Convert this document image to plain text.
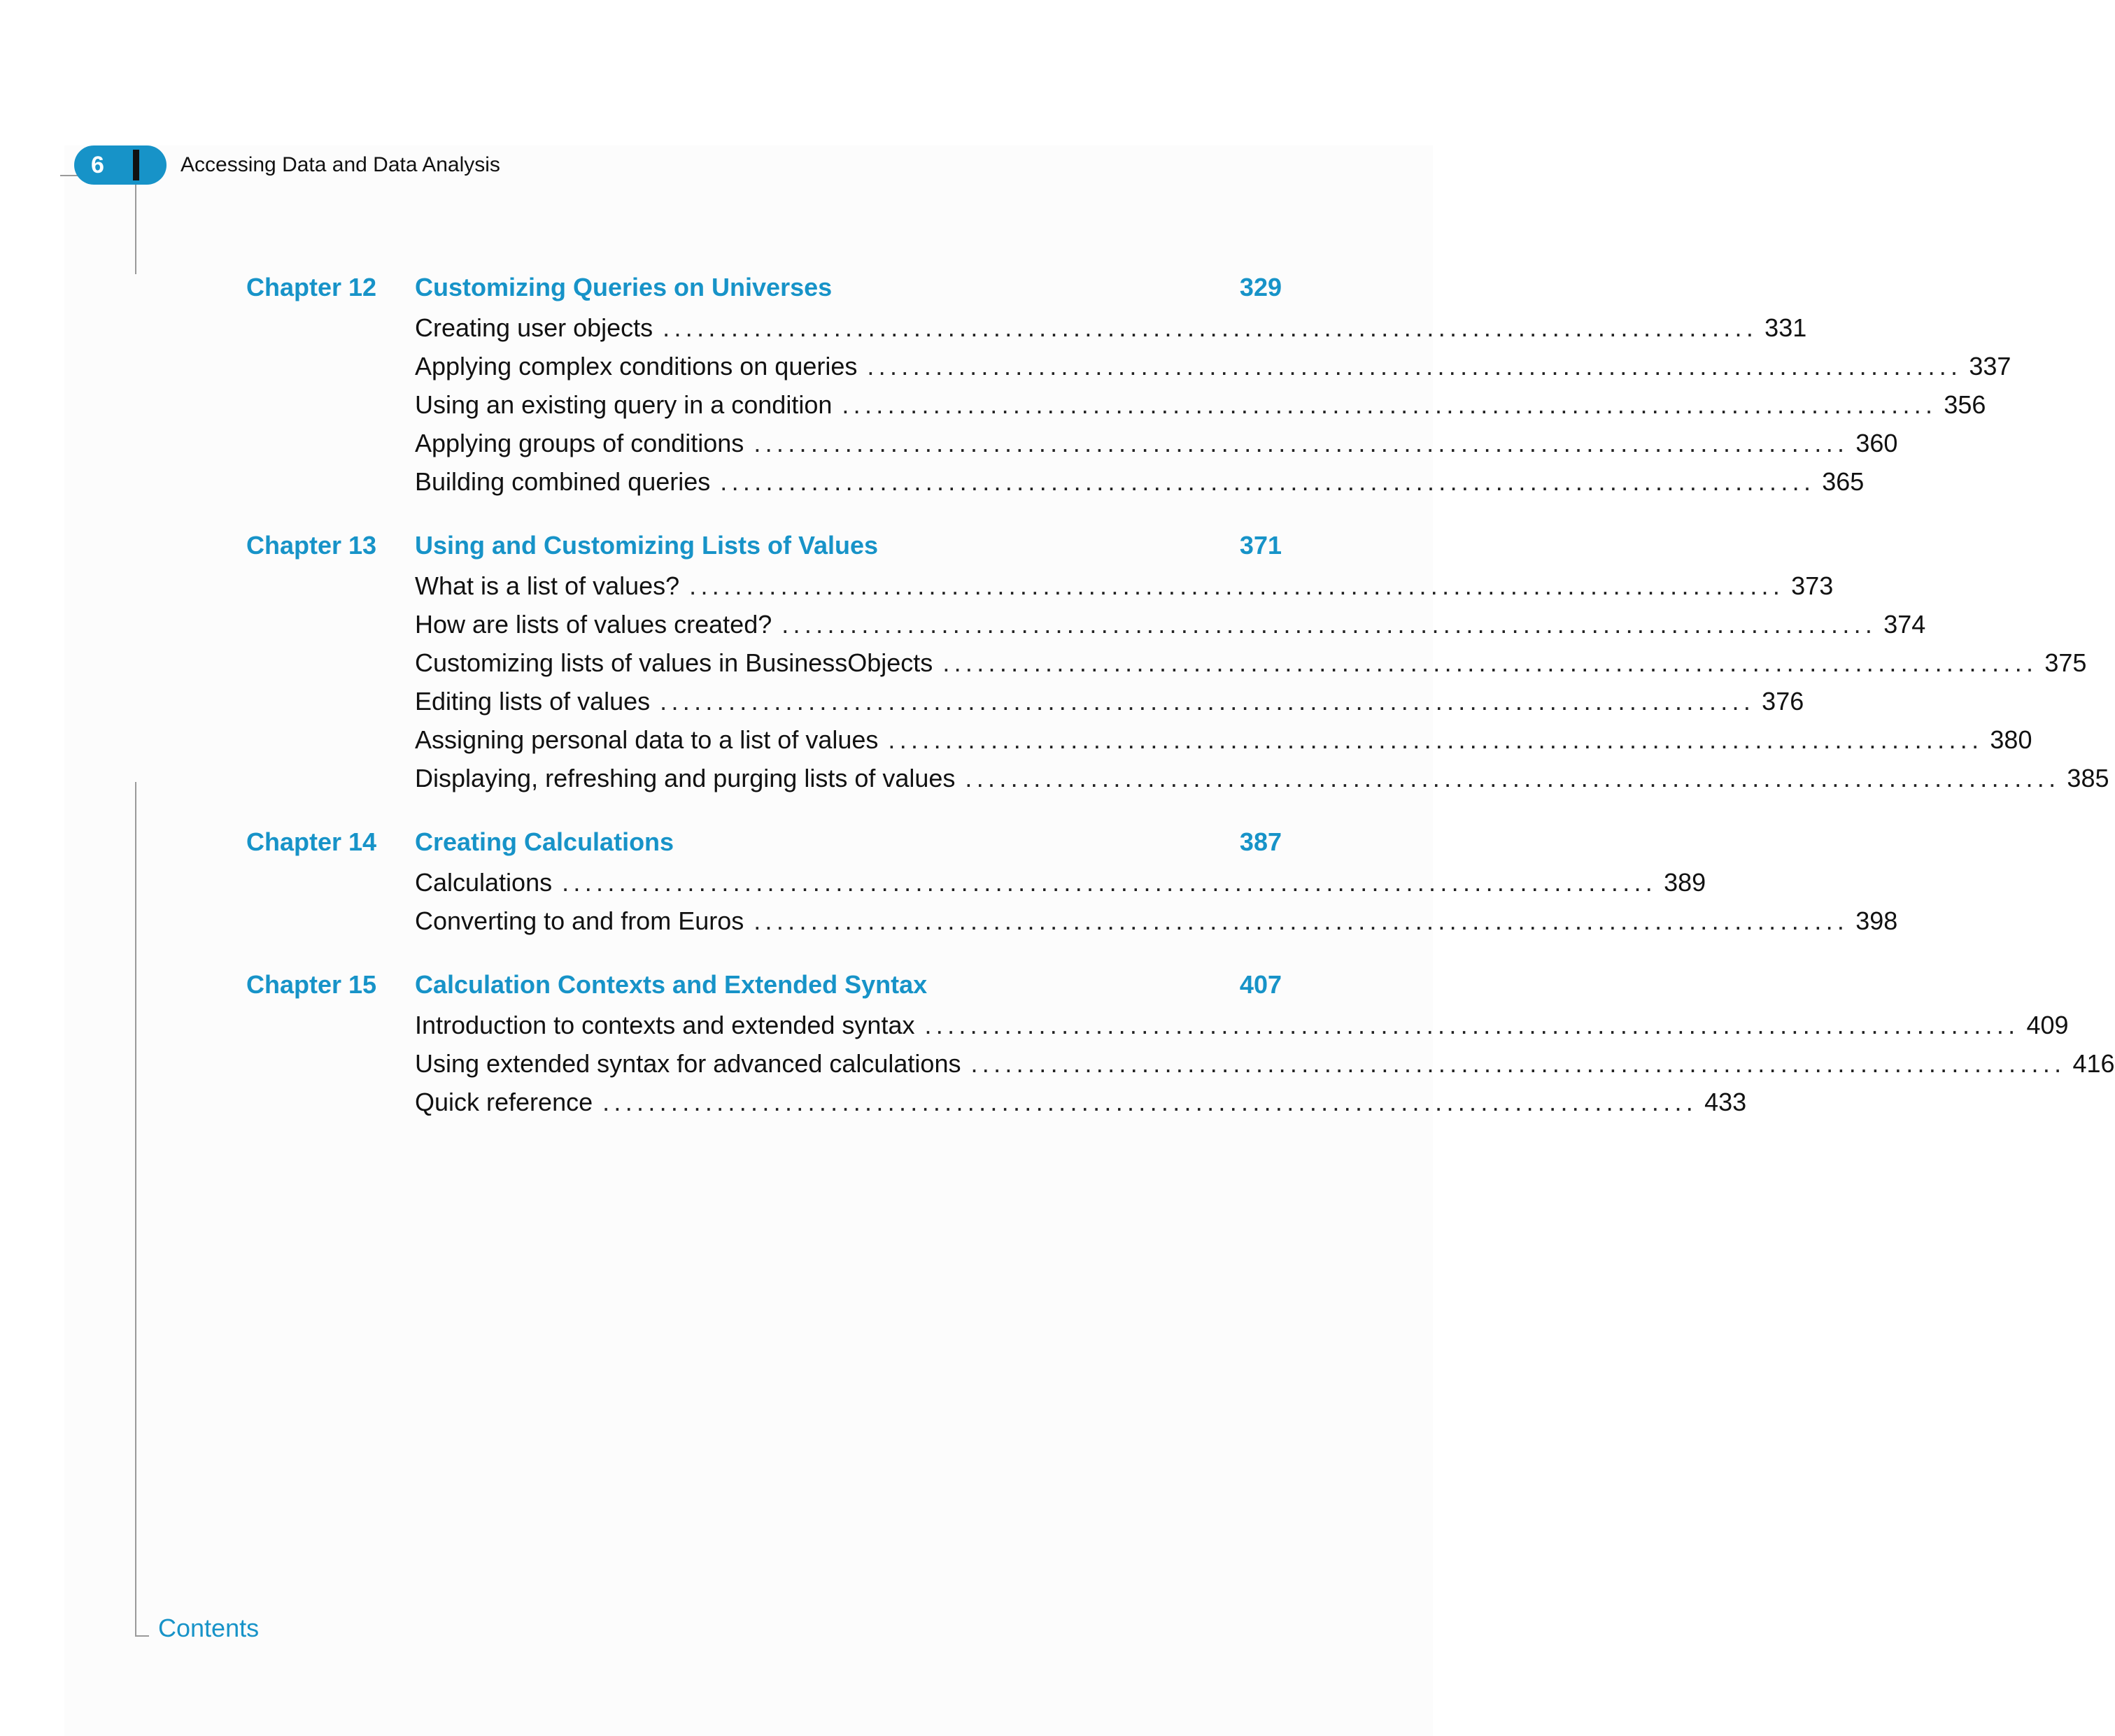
6	Accessing Data and Data Analysis
Contents
Chapter 12 Customizing Queries on Universes	329
Creating user objects ................................................................................................ 331
Applying complex conditions on queries ................................................................................................ 337
Using an existing query in a condition ................................................................................................ 356
Applying groups of conditions ................................................................................................ 360
Building combined queries ................................................................................................ 365
Chapter 13 Using and Customizing Lists of Values	371
What is a list of values? ................................................................................................ 373
How are lists of values created? ................................................................................................ 374
Customizing lists of values in BusinessObjects ................................................................................................ 375
Editing lists of values ................................................................................................ 376
Assigning personal data to a list of values ................................................................................................ 380
Displaying, refreshing and purging lists of values ................................................................................................ 385
Chapter 14 Creating Calculations	387
Calculations ................................................................................................ 389
Converting to and from Euros ................................................................................................ 398
Chapter 15 Calculation Contexts and Extended Syntax	407
Introduction to contexts and extended syntax ................................................................................................ 409
Using extended syntax for advanced calculations ................................................................................................ 416
Quick reference ................................................................................................ 433
